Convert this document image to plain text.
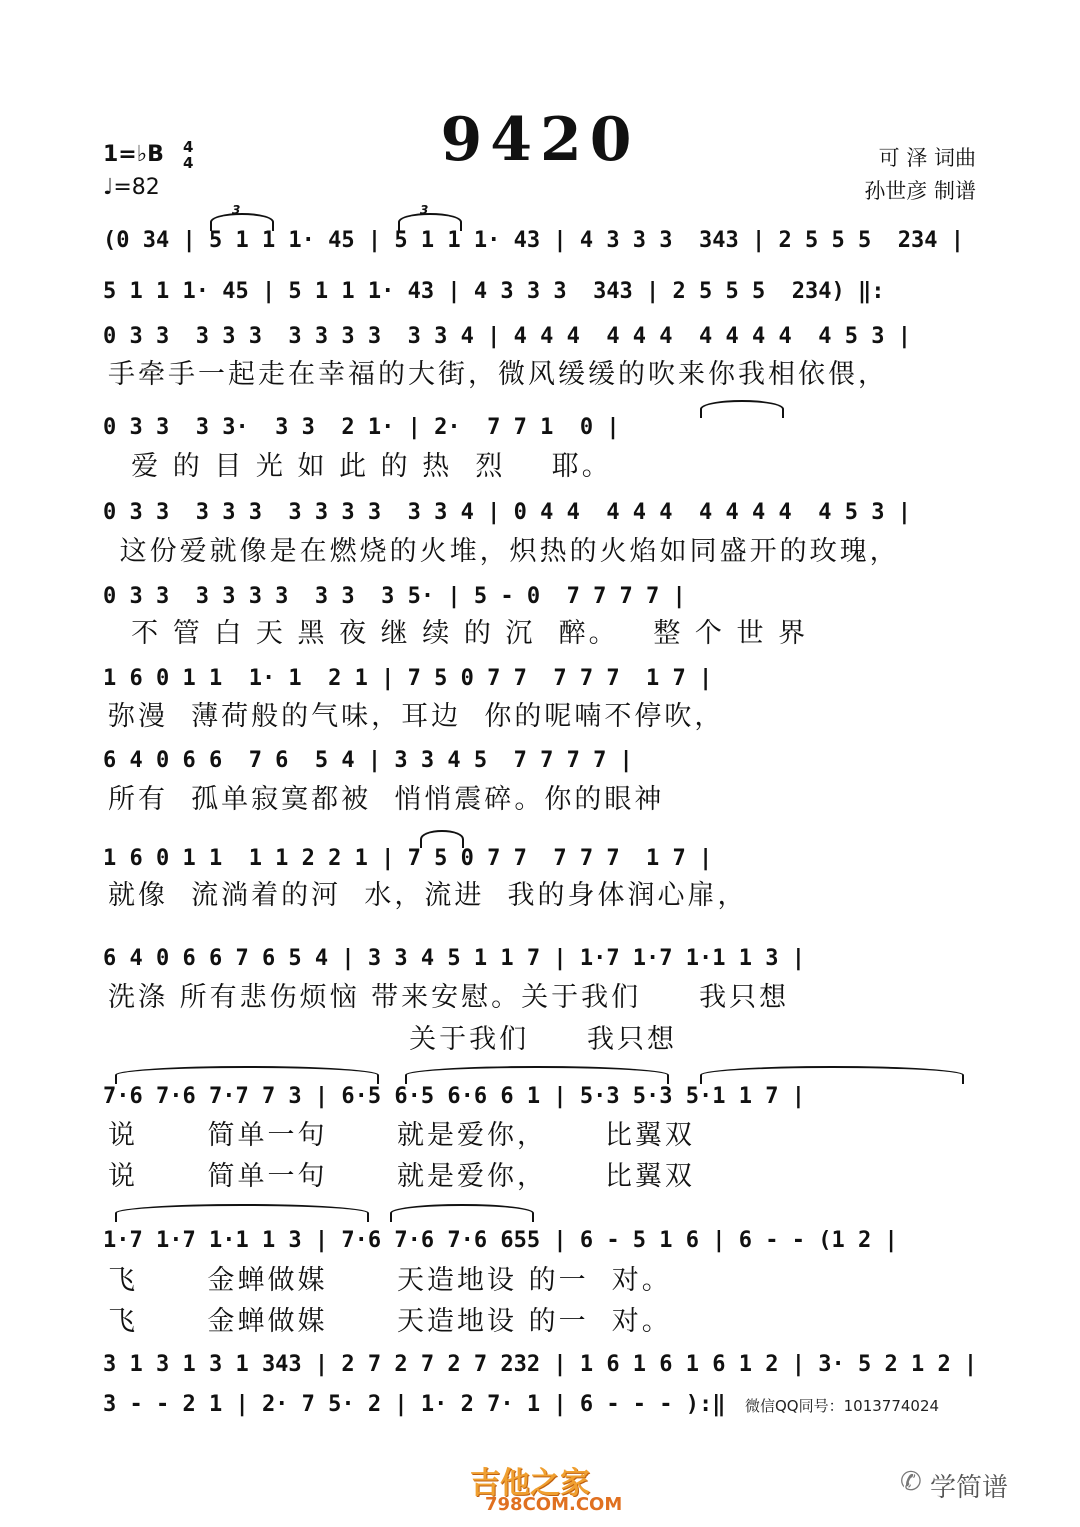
9420
1=♭B 4
4
♩=82
可 泽 词曲
孙世彦 制谱
(0 34 | 5 1 1 1· 45 | 5 1 1 1· 43 | 4 3 3 3  343 | 2 5 5 5  234 |
5 1 1 1· 45 | 5 1 1 1· 43 | 4 3 3 3  343 | 2 5 5 5  234) ‖:
0 3 3  3 3 3  3 3 3 3  3 3 4 | 4 4 4  4 4 4  4 4 4 4  4 5 3 |
手牵手一起走在幸福的大街，微风缓缓的吹来你我相依偎，
0 3 3  3 3·  3 3  2 1· | 2·  7 7 1  0 |
爱 的 目 光 如 此 的 热  烈    耶。
0 3 3  3 3 3  3 3 3 3  3 3 4 | 0 4 4  4 4 4  4 4 4 4  4 5 3 |
这份爱就像是在燃烧的火堆，炽热的火焰如同盛开的玫瑰，
0 3 3  3 3 3 3  3 3  3 5· | 5 - 0  7 7 7 7 |
不 管 白 天 黑 夜 继 续 的 沉  醉。   整 个 世 界
1 6 0 1 1  1· 1  2 1 | 7 5 0 7 7  7 7 7  1 7 |
弥漫  薄荷般的气味，耳边  你的呢喃不停吹，
6 4 0 6 6  7 6  5 4 | 3 3 4 5  7 7 7 7 |
所有  孤单寂寞都被  悄悄震碎。你的眼神
1 6 0 1 1  1 1 2 2 1 | 7 5 0 7 7  7 7 7  1 7 |
就像  流淌着的河  水，流进  我的身体润心扉，
6 4 0 6 6 7 6 5 4 | 3 3 4 5 1 1 7 | 1·7 1·7 1·1 1 3 |
洗涤 所有悲伤烦恼 带来安慰。关于我们     我只想
关于我们     我只想
7·6 7·6 7·7 7 3 | 6·5 6·5 6·6 6 1 | 5·3 5·3 5·1 1 7 |
说      简单一句      就是爱你，     比翼双
说      简单一句      就是爱你，     比翼双
1·7 1·7 1·1 1 3 | 7·6 7·6 7·6 655 | 6 - 5 1 6 | 6 - - (1 2 |
飞      金蝉做媒      天造地设 的一  对。
飞      金蝉做媒      天造地设 的一  对。
3 1 3 1 3 1 343 | 2 7 2 7 2 7 232 | 1 6 1 6 1 6 1 2 | 3· 5 2 1 2 |
3 - - 2 1 | 2· 7 5· 2 | 1· 2 7· 1 | 6 - - - ):‖ 微信QQ同号：1013774024
吉他之家
798COM.COM
✆ 学简谱
3	3
